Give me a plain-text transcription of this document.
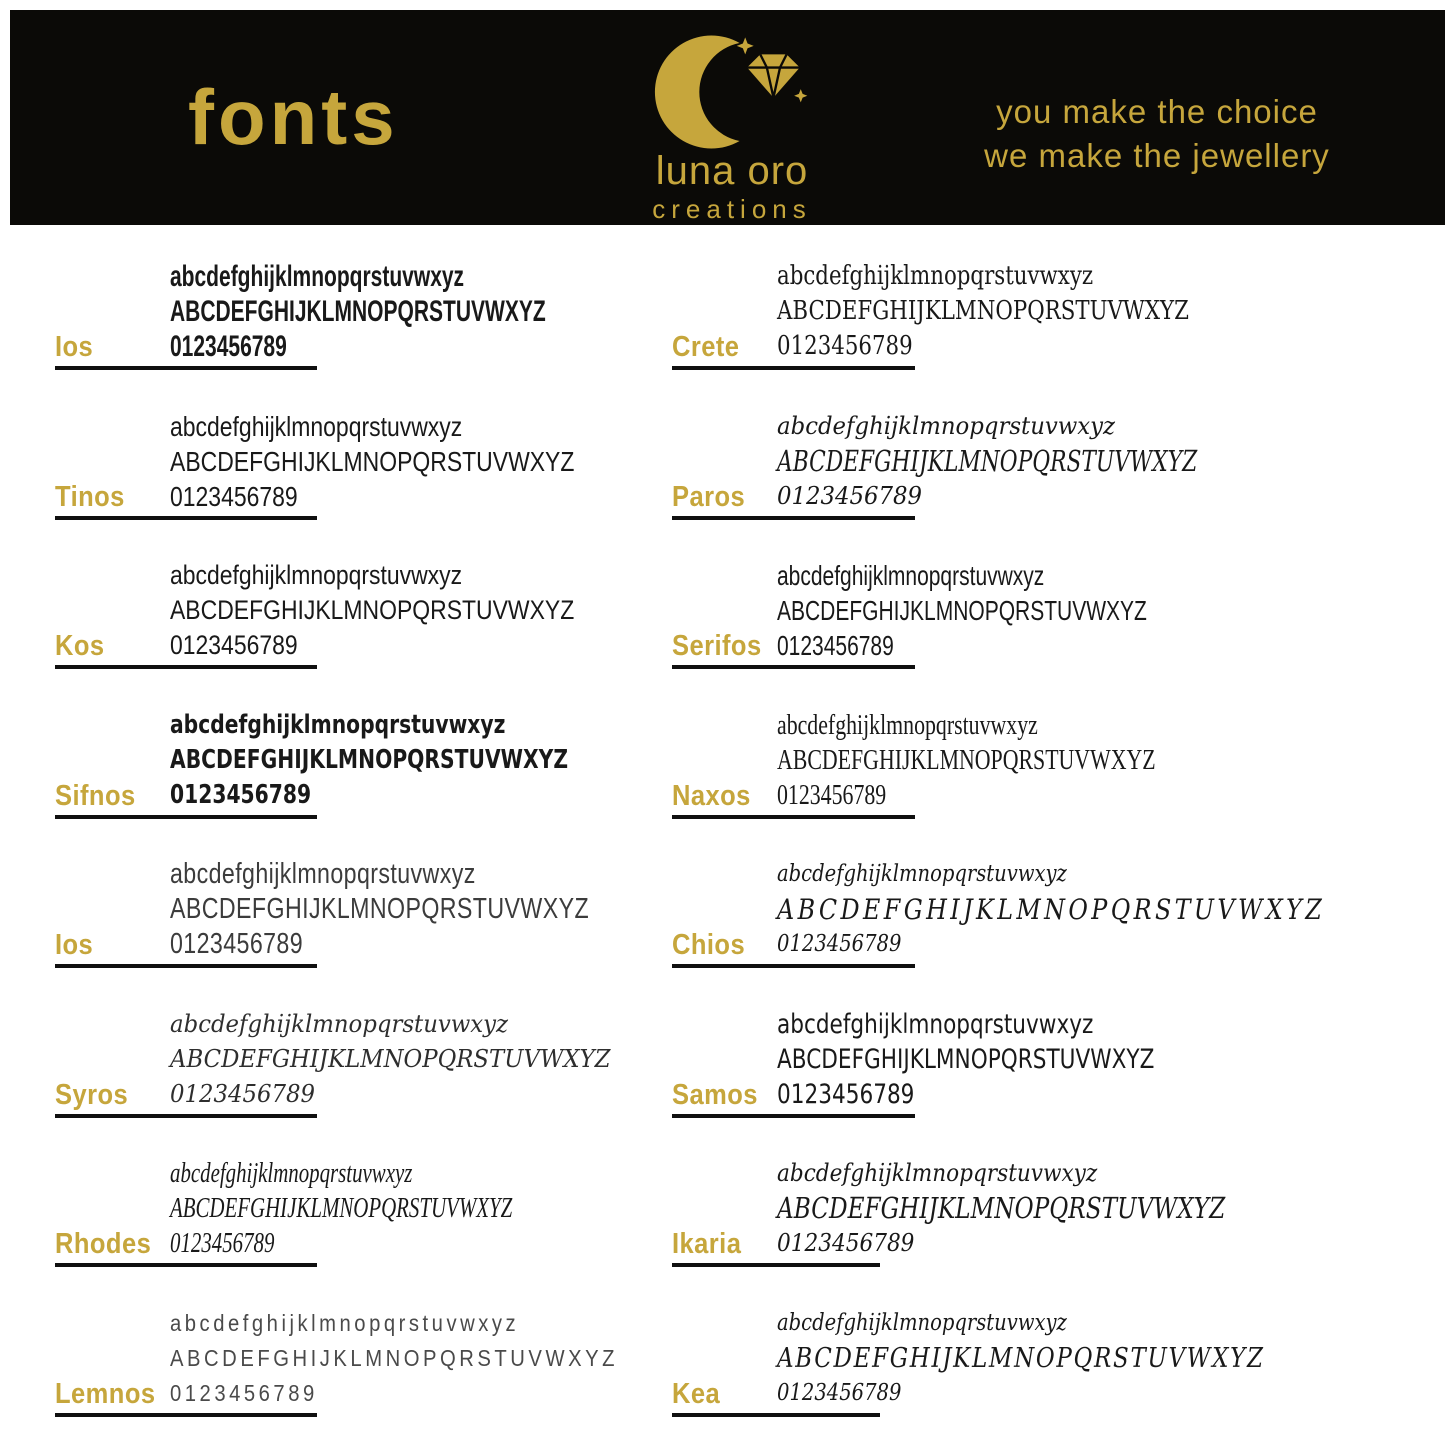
fonts
luna oro
creations
you make the choice
we make the jewellery
Ios
abcdefghijklmnopqrstuvwxyz
ABCDEFGHIJKLMNOPQRSTUVWXYZ
0123456789
Tinos
abcdefghijklmnopqrstuvwxyz
ABCDEFGHIJKLMNOPQRSTUVWXYZ
0123456789
Kos
abcdefghijklmnopqrstuvwxyz
ABCDEFGHIJKLMNOPQRSTUVWXYZ
0123456789
Sifnos
abcdefghijklmnopqrstuvwxyz
ABCDEFGHIJKLMNOPQRSTUVWXYZ
0123456789
Ios
abcdefghijklmnopqrstuvwxyz
ABCDEFGHIJKLMNOPQRSTUVWXYZ
0123456789
Syros
abcdefghijklmnopqrstuvwxyz
ABCDEFGHIJKLMNOPQRSTUVWXYZ
0123456789
Rhodes
abcdefghijklmnopqrstuvwxyz
ABCDEFGHIJKLMNOPQRSTUVWXYZ
0123456789
Lemnos
abcdefghijklmnopqrstuvwxyz
ABCDEFGHIJKLMNOPQRSTUVWXYZ
0123456789
Crete
abcdefghijklmnopqrstuvwxyz
ABCDEFGHIJKLMNOPQRSTUVWXYZ
0123456789
Paros
abcdefghijklmnopqrstuvwxyz
ABCDEFGHIJKLMNOPQRSTUVWXYZ
0123456789
Serifos
abcdefghijklmnopqrstuvwxyz
ABCDEFGHIJKLMNOPQRSTUVWXYZ
0123456789
Naxos
abcdefghijklmnopqrstuvwxyz
ABCDEFGHIJKLMNOPQRSTUVWXYZ
0123456789
Chios
abcdefghijklmnopqrstuvwxyz
ABCDEFGHIJKLMNOPQRSTUVWXYZ
0123456789
Samos
abcdefghijklmnopqrstuvwxyz
ABCDEFGHIJKLMNOPQRSTUVWXYZ
0123456789
Ikaria
abcdefghijklmnopqrstuvwxyz
ABCDEFGHIJKLMNOPQRSTUVWXYZ
0123456789
Kea
abcdefghijklmnopqrstuvwxyz
ABCDEFGHIJKLMNOPQRSTUVWXYZ
0123456789
